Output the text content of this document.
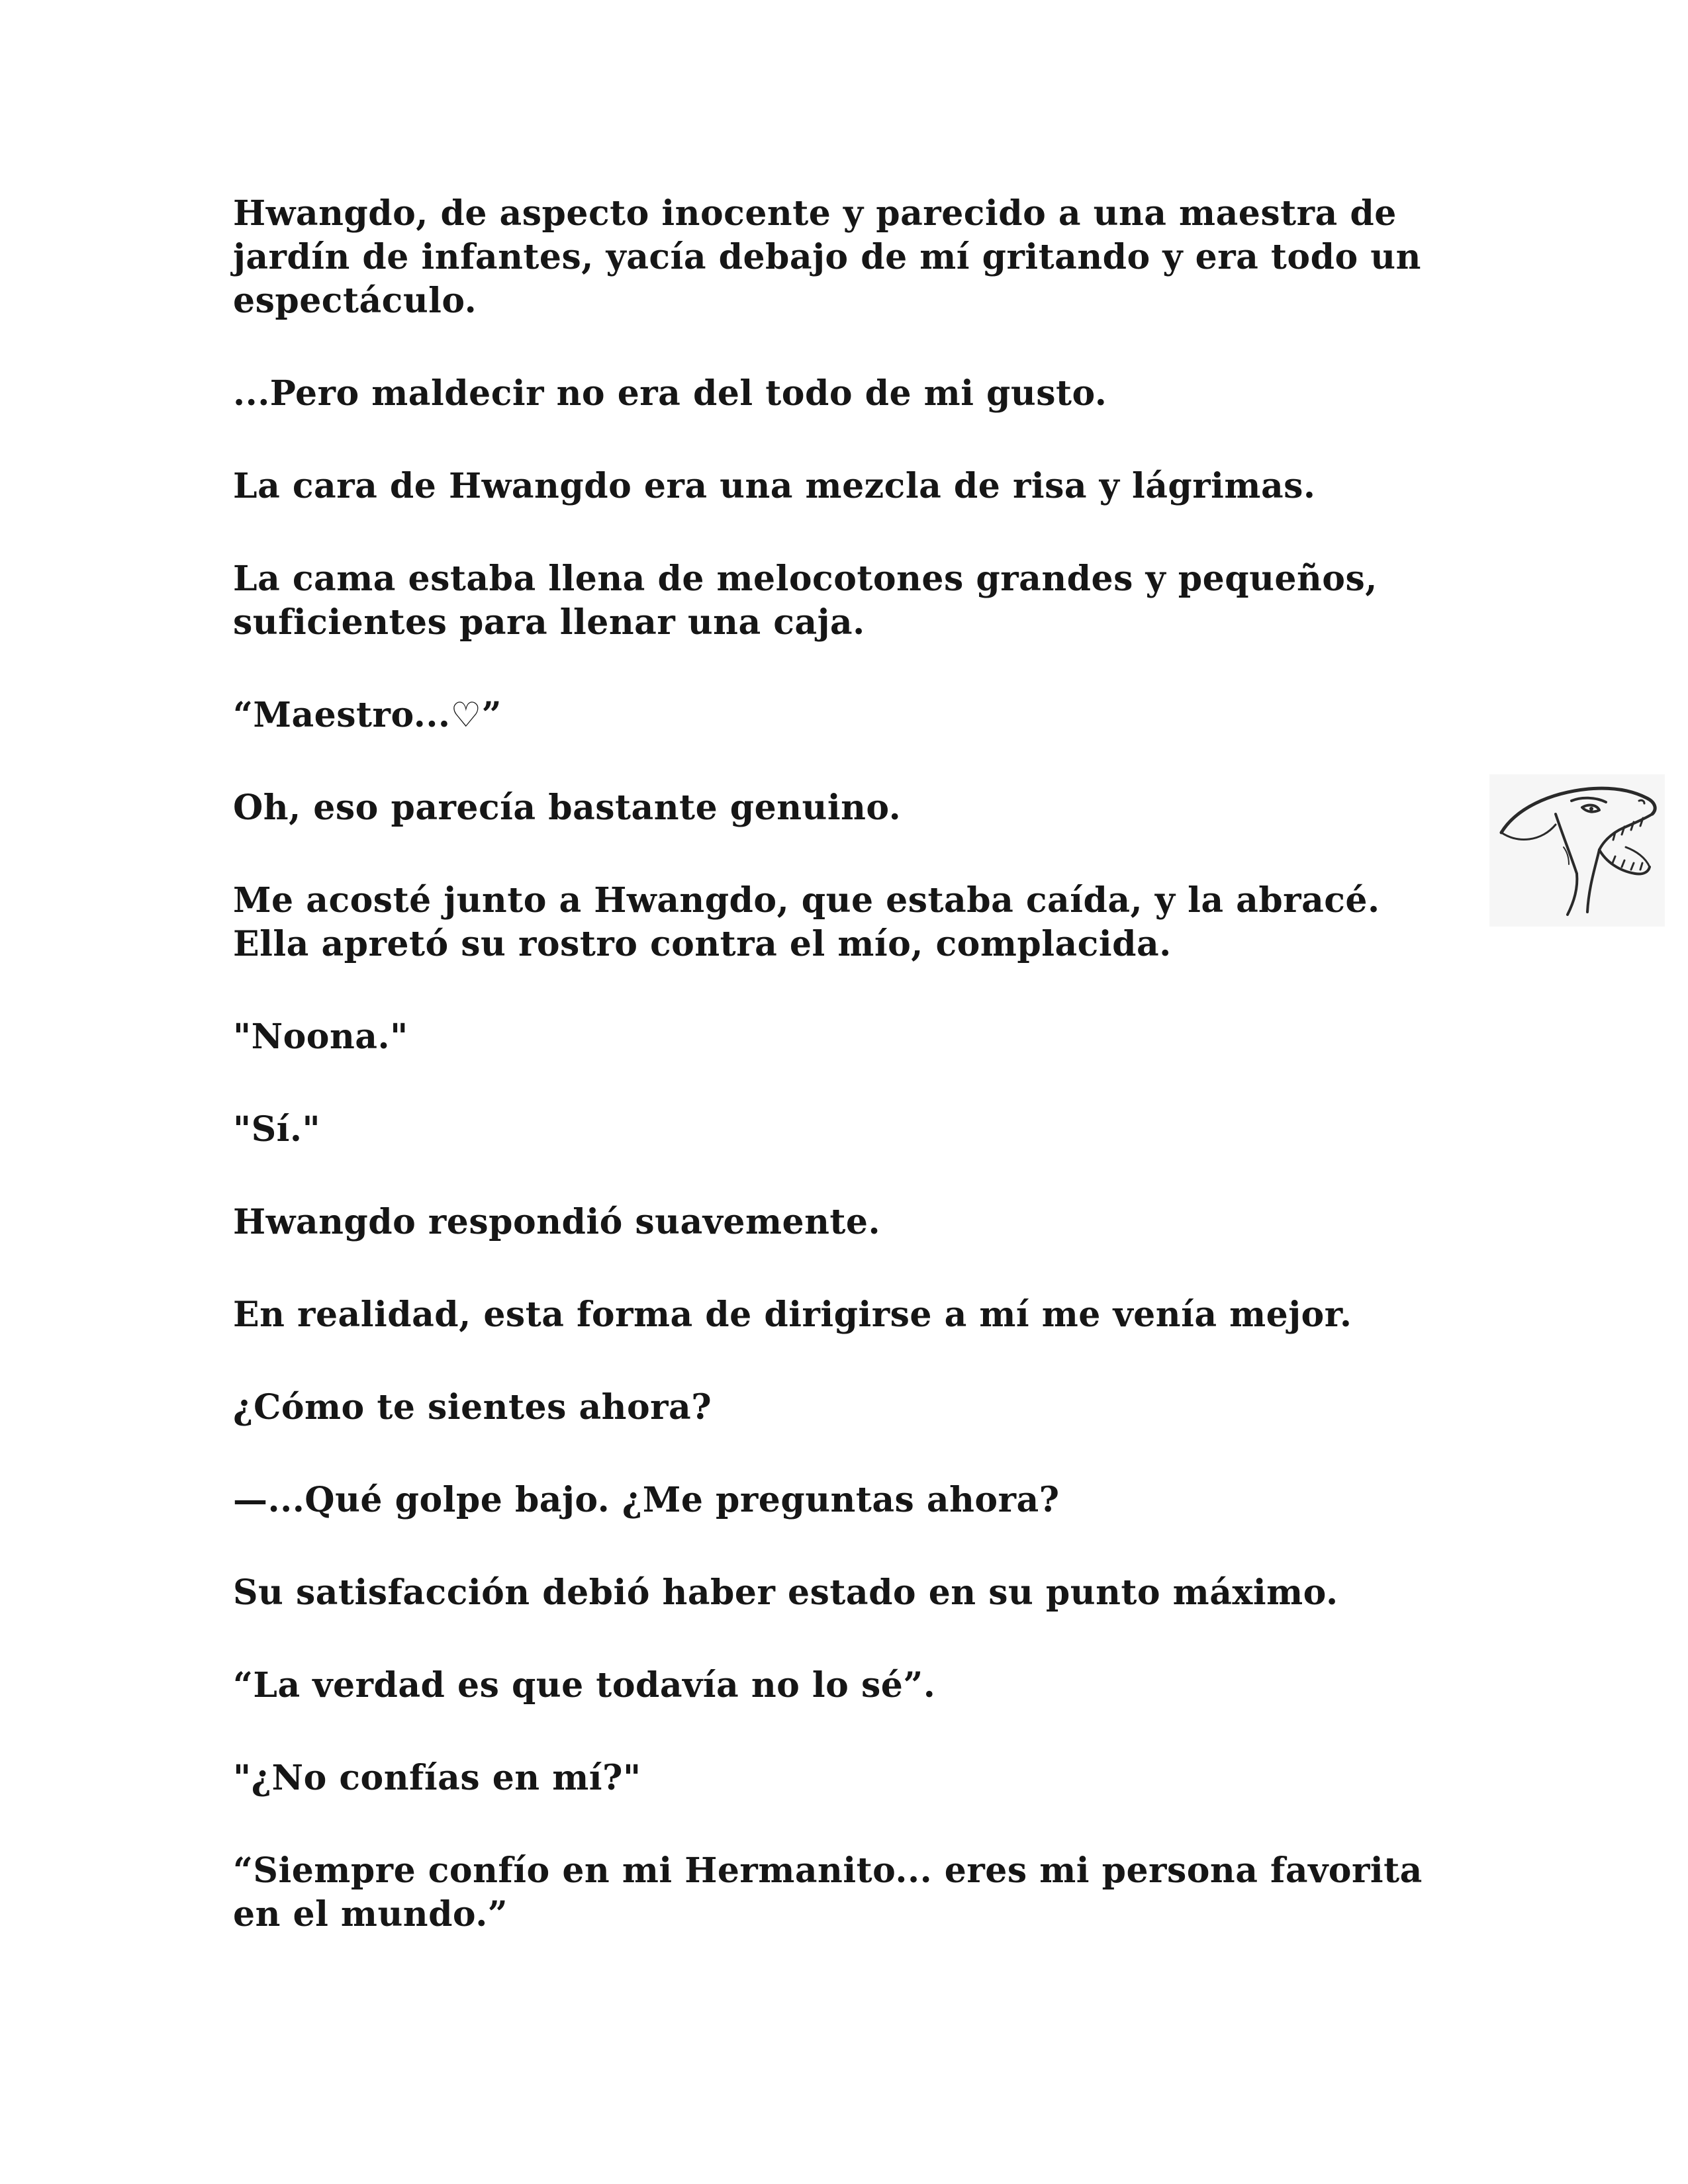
Hwangdo, de aspecto inocente y parecido a una maestra de
jardín de infantes, yacía debajo de mí gritando y era todo un
espectáculo.

...Pero maldecir no era del todo de mi gusto.

La cara de Hwangdo era una mezcla de risa y lágrimas.

La cama estaba llena de melocotones grandes y pequeños,
suficientes para llenar una caja.

“Maestro...♡”

Oh, eso parecía bastante genuino.

Me acosté junto a Hwangdo, que estaba caída, y la abracé.
Ella apretó su rostro contra el mío, complacida.

"Noona."

"Sí."

Hwangdo respondió suavemente.

En realidad, esta forma de dirigirse a mí me venía mejor.

¿Cómo te sientes ahora?

—...Qué golpe bajo. ¿Me preguntas ahora?

Su satisfacción debió haber estado en su punto máximo.

“La verdad es que todavía no lo sé”.

"¿No confías en mí?"

“Siempre confío en mi Hermanito... eres mi persona favorita
en el mundo.”
